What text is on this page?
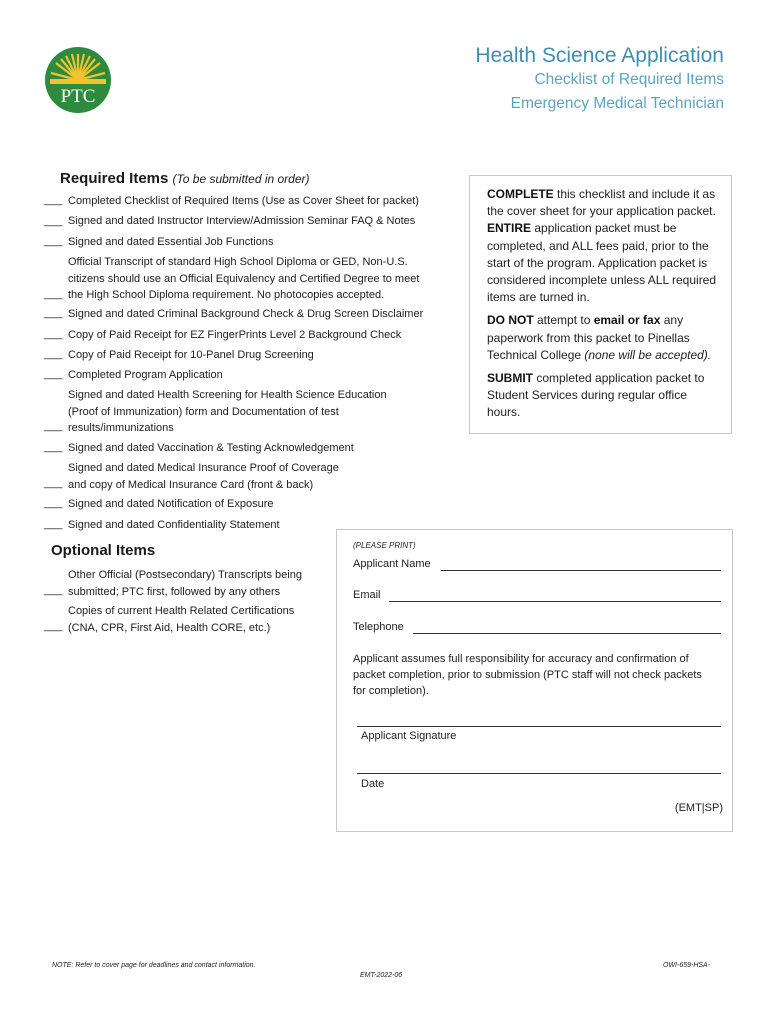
PTC
Health Science Application
Checklist of Required Items
Emergency Medical Technician
Required Items (To be submitted in order)
___ Completed Checklist of Required Items (Use as Cover Sheet for packet)
___ Signed and dated Instructor Interview/Admission Seminar FAQ & Notes
___ Signed and dated Essential Job Functions
___
Official Transcript of standard High School Diploma or GED, Non-U.S. citizens should use an Official Equivalency and Certified Degree to meet the High School Diploma requirement. No photocopies accepted.
___ Signed and dated Criminal Background Check & Drug Screen Disclaimer
___ Copy of Paid Receipt for EZ FingerPrints Level 2 Background Check
___ Copy of Paid Receipt for 10-Panel Drug Screening
___ Completed Program Application
___
Signed and dated Health Screening for Health Science Education (Proof of Immunization) form and Documentation of test results/immunizations
___ Signed and dated Vaccination & Testing Acknowledgement
___
Signed and dated Medical Insurance Proof of Coverage and copy of Medical Insurance Card (front & back)
___ Signed and dated Notification of Exposure
___ Signed and dated Confidentiality Statement

COMPLETE this checklist and include it as the cover sheet for your application packet. ENTIRE application packet must be completed, and ALL fees paid, prior to the start of the program. Application packet is considered incomplete unless ALL required items are turned in.

DO NOT attempt to email or fax any paperwork from this packet to Pinellas Technical College (none will be accepted).

SUBMIT completed application packet to Student Services during regular office hours.

Optional Items
___
Other Official (Postsecondary) Transcripts being submitted; PTC first, followed by any others
___
Copies of current Health Related Certifications (CNA, CPR, First Aid, Health CORE, etc.)
(PLEASE PRINT)
Applicant Name
Email
Telephone
Applicant assumes full responsibility for accuracy and confirmation of packet completion, prior to submission (PTC staff will not check packets for completion).
Applicant Signature
Date
(EMT|SP)
NOTE: Refer to cover page for deadlines and contact information.	OWI-659-HSA-
EMT-2022-06
